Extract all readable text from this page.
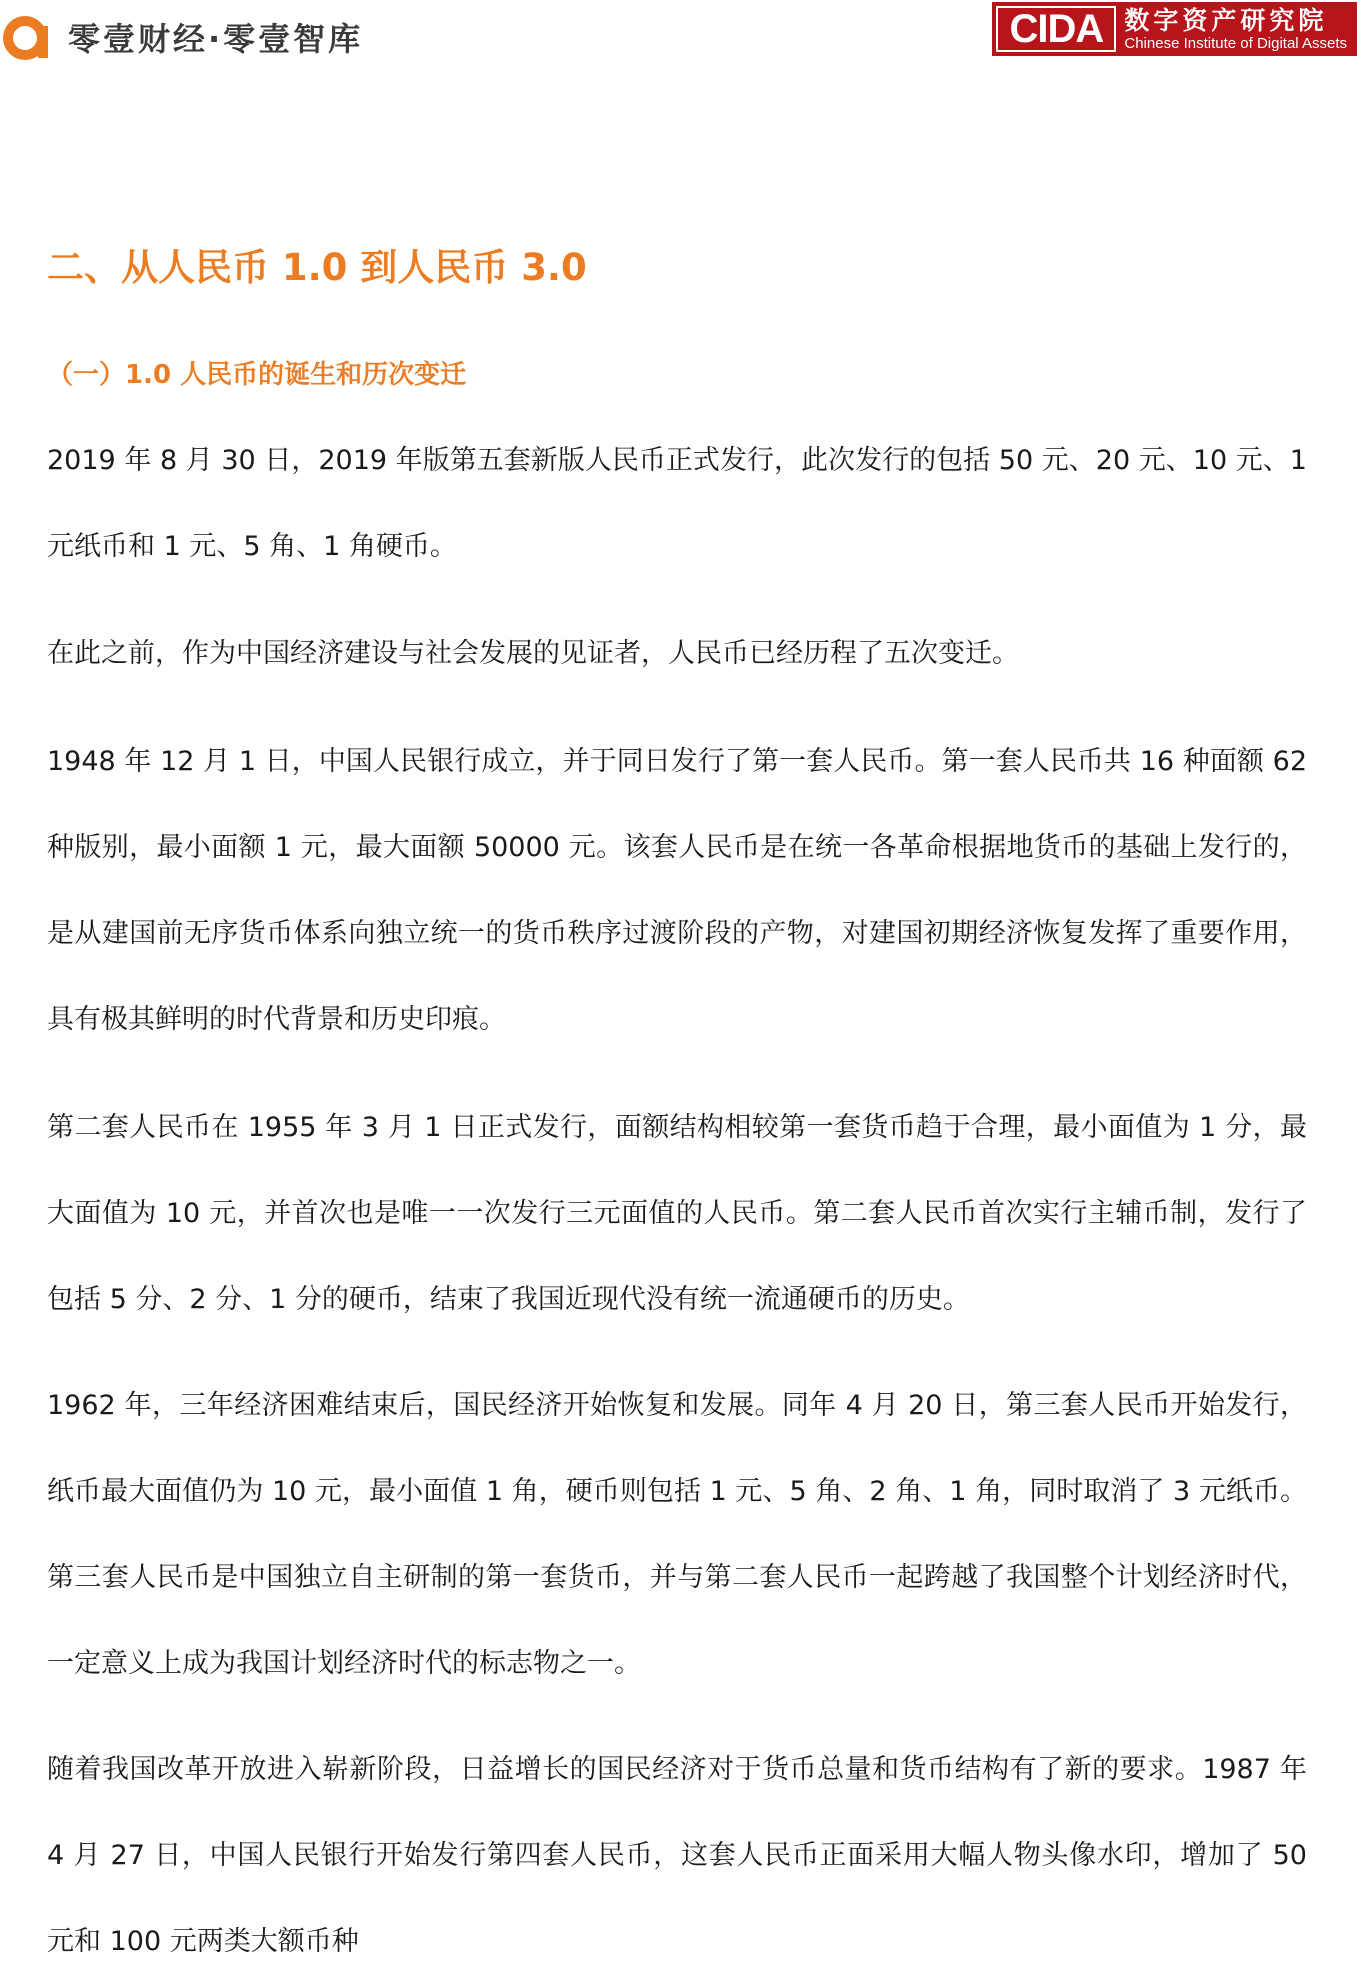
零壹财经·零壹智库	CIDA 数字资产研究院
Chinese Institute of Digital Assets
二、从人民币 1.0 到人民币 3.0
（一）1.0 人民币的诞生和历次变迁

2019 年 8 月 30 日，2019 年版第五套新版人民币正式发行，此次发行的包括 50 元、20 元、10 元、1 元纸币和 1 元、5 角、1 角硬币。

在此之前，作为中国经济建设与社会发展的见证者，人民币已经历程了五次变迁。

1948 年 12 月 1 日，中国人民银行成立，并于同日发行了第一套人民币。第一套人民币共 16 种面额 62 种版别，最小面额 1 元，最大面额 50000 元。该套人民币是在统一各革命根据地货币的基础上发行的，是从建国前无序货币体系向独立统一的货币秩序过渡阶段的产物，对建国初期经济恢复发挥了重要作用，具有极其鲜明的时代背景和历史印痕。

第二套人民币在 1955 年 3 月 1 日正式发行，面额结构相较第一套货币趋于合理，最小面值为 1 分，最大面值为 10 元，并首次也是唯一一次发行三元面值的人民币。第二套人民币首次实行主辅币制，发行了包括 5 分、2 分、1 分的硬币，结束了我国近现代没有统一流通硬币的历史。

1962 年，三年经济困难结束后，国民经济开始恢复和发展。同年 4 月 20 日，第三套人民币开始发行，纸币最大面值仍为 10 元，最小面值 1 角，硬币则包括 1 元、5 角、2 角、1 角，同时取消了 3 元纸币。第三套人民币是中国独立自主研制的第一套货币，并与第二套人民币一起跨越了我国整个计划经济时代，一定意义上成为我国计划经济时代的标志物之一。

随着我国改革开放进入崭新阶段，日益增长的国民经济对于货币总量和货币结构有了新的要求。1987 年 4 月 27 日，中国人民银行开始发行第四套人民币，这套人民币正面采用大幅人物头像水印，增加了 50 元和 100 元两类大额币种
